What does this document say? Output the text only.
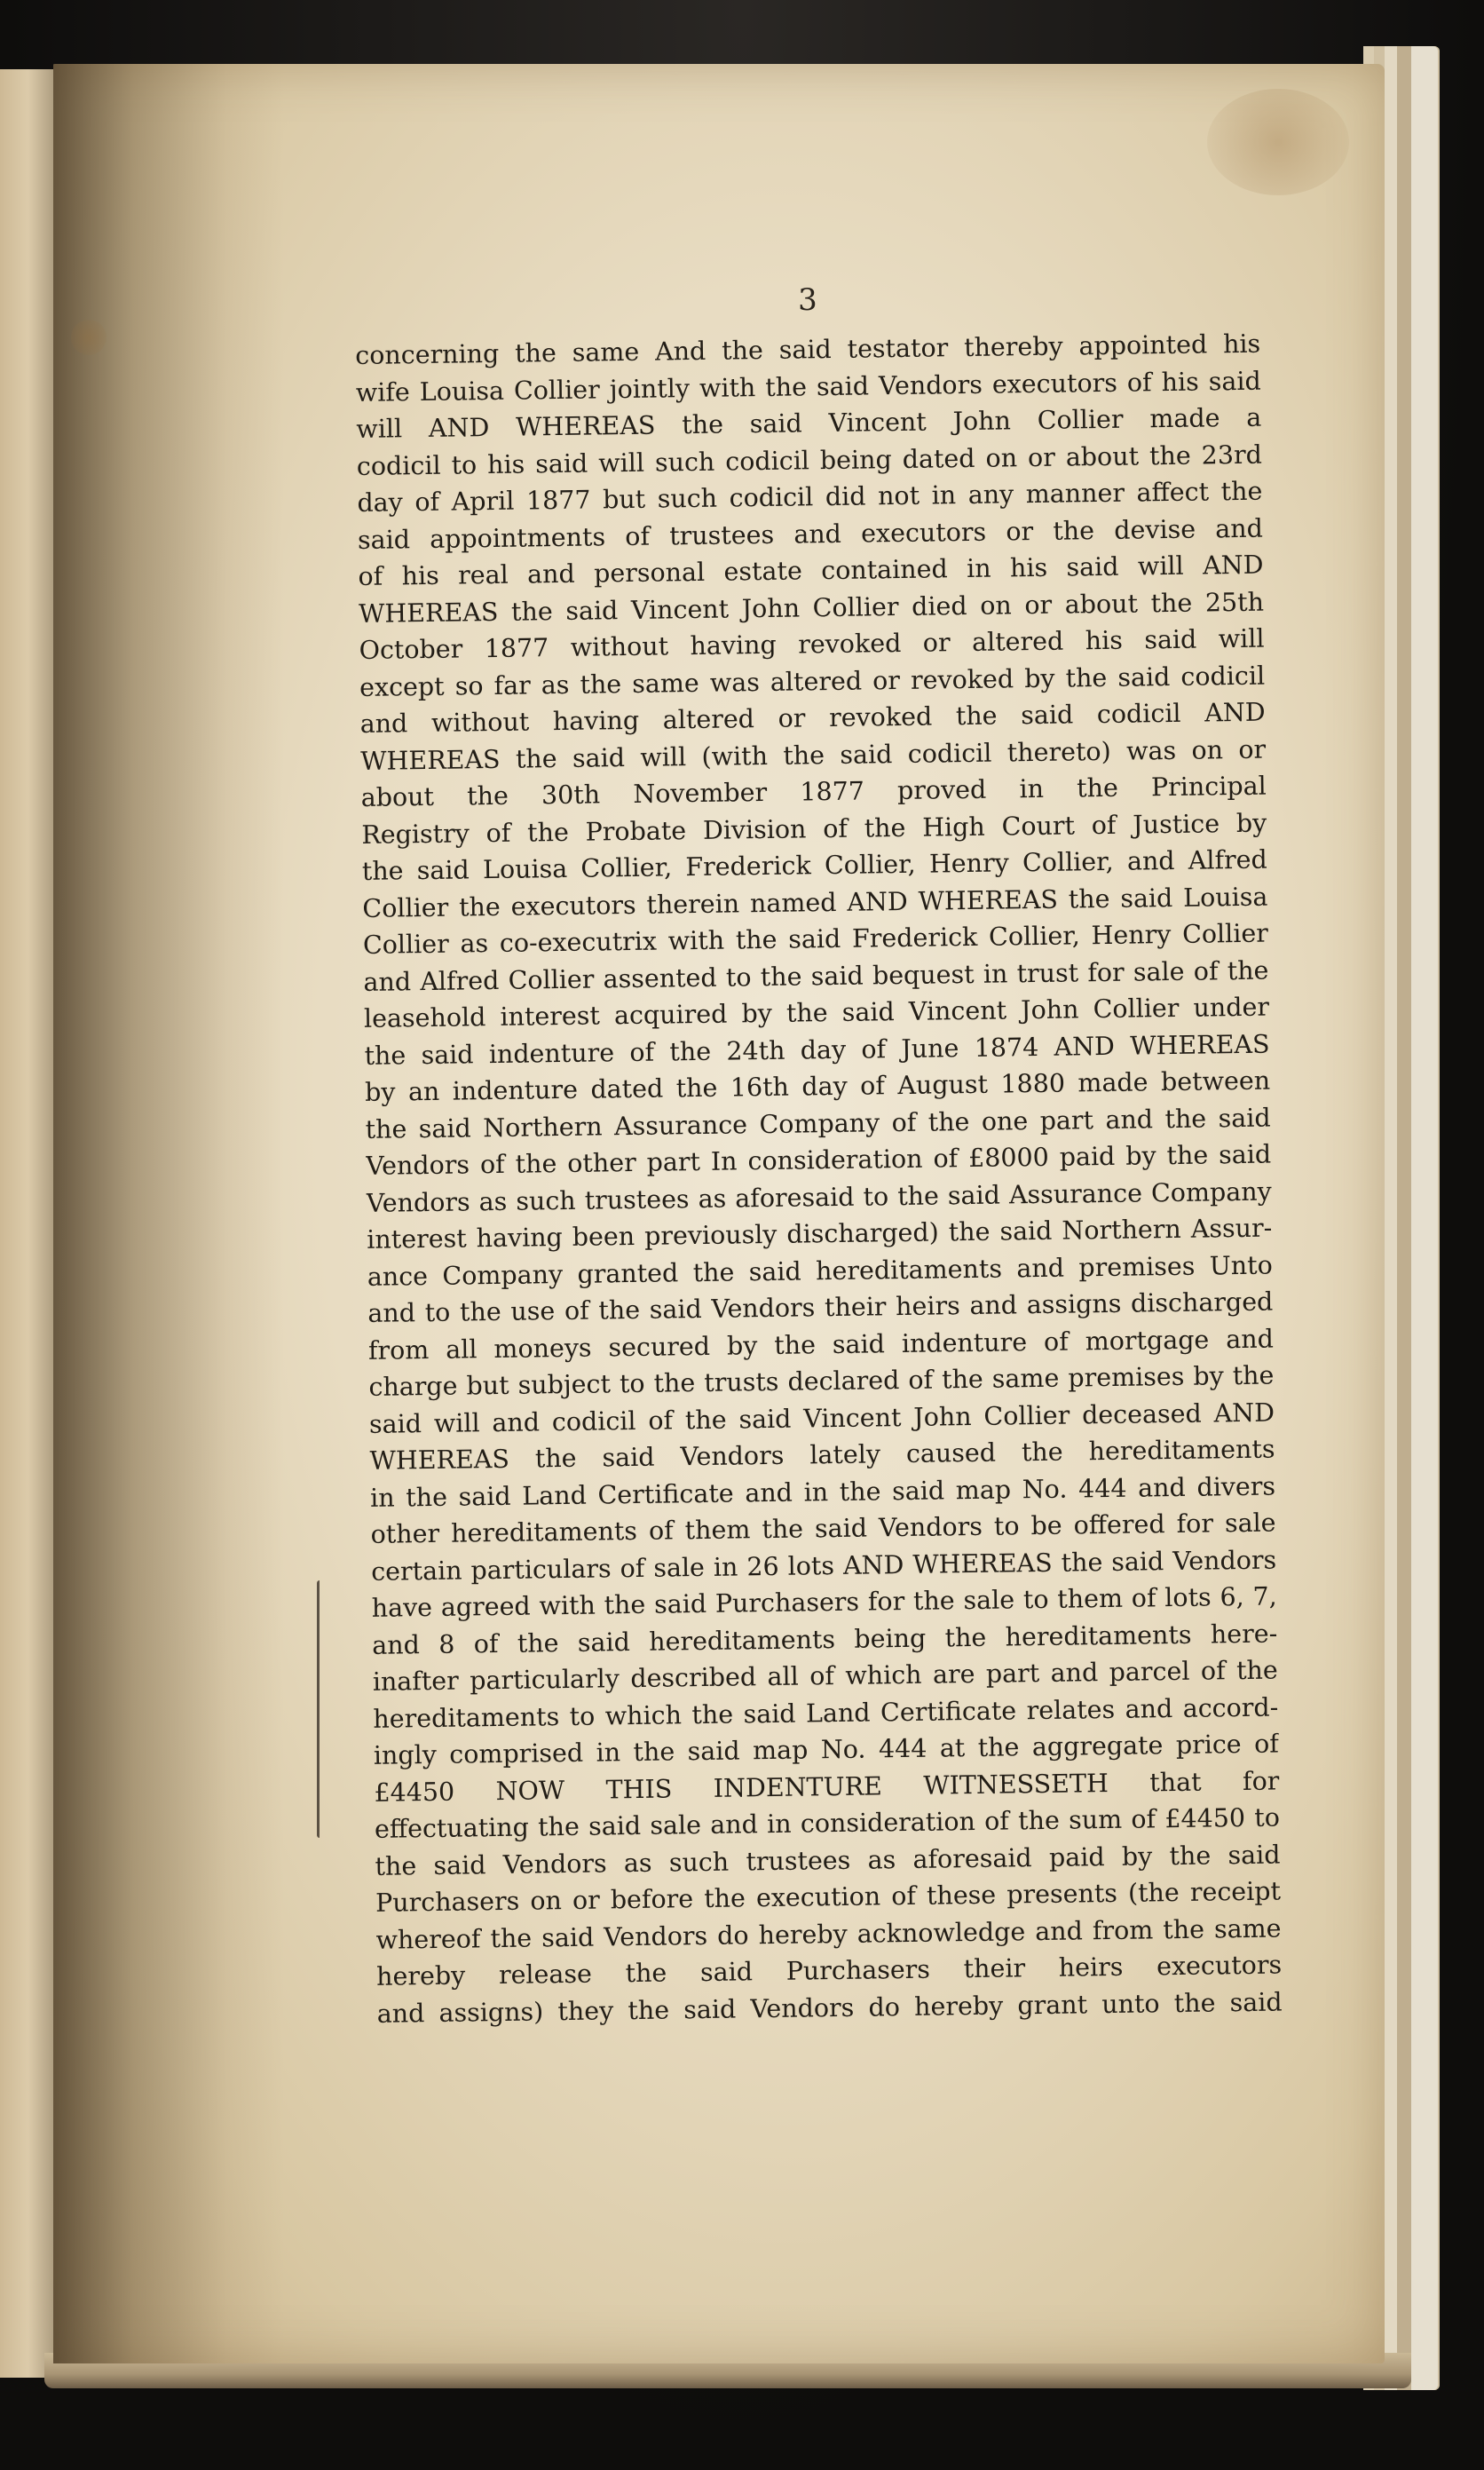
3
concerning the same And the said testator thereby appointed his
wife Louisa Collier jointly with the said Vendors executors of his said
will AND WHEREAS the said Vincent John Collier made a
codicil to his said will such codicil being dated on or about the 23rd
day of April 1877 but such codicil did not in any manner affect the
said appointments of trustees and executors or the devise and
of his real and personal estate contained in his said will AND
WHEREAS the said Vincent John Collier died on or about the 25th
October 1877 without having revoked or altered his said will
except so far as the same was altered or revoked by the said codicil
and without having altered or revoked the said codicil AND
WHEREAS the said will (with the said codicil thereto) was on or
about the 30th November 1877 proved in the Principal
Registry of the Probate Division of the High Court of Justice by
the said Louisa Collier, Frederick Collier, Henry Collier, and Alfred
Collier the executors therein named AND WHEREAS the said Louisa
Collier as co-executrix with the said Frederick Collier, Henry Collier
and Alfred Collier assented to the said bequest in trust for sale of the
leasehold interest acquired by the said Vincent John Collier under
the said indenture of the 24th day of June 1874 AND WHEREAS
by an indenture dated the 16th day of August 1880 made between
the said Northern Assurance Company of the one part and the said
Vendors of the other part In consideration of £8000 paid by the said
Vendors as such trustees as aforesaid to the said Assurance Company
interest having been previously discharged) the said Northern Assur-
ance Company granted the said hereditaments and premises Unto
and to the use of the said Vendors their heirs and assigns discharged
from all moneys secured by the said indenture of mortgage and
charge but subject to the trusts declared of the same premises by the
said will and codicil of the said Vincent John Collier deceased AND
WHEREAS the said Vendors lately caused the hereditaments
in the said Land Certificate and in the said map No. 444 and divers
other hereditaments of them the said Vendors to be offered for sale
certain particulars of sale in 26 lots AND WHEREAS the said Vendors
have agreed with the said Purchasers for the sale to them of lots 6, 7,
and 8 of the said hereditaments being the hereditaments here-
inafter particularly described all of which are part and parcel of the
hereditaments to which the said Land Certificate relates and accord-
ingly comprised in the said map No. 444 at the aggregate price of
£4450 NOW THIS INDENTURE WITNESSETH that for
effectuating the said sale and in consideration of the sum of £4450 to
the said Vendors as such trustees as aforesaid paid by the said
Purchasers on or before the execution of these presents (the receipt
whereof the said Vendors do hereby acknowledge and from the same
hereby release the said Purchasers their heirs executors
and assigns) they the said Vendors do hereby grant unto the said
